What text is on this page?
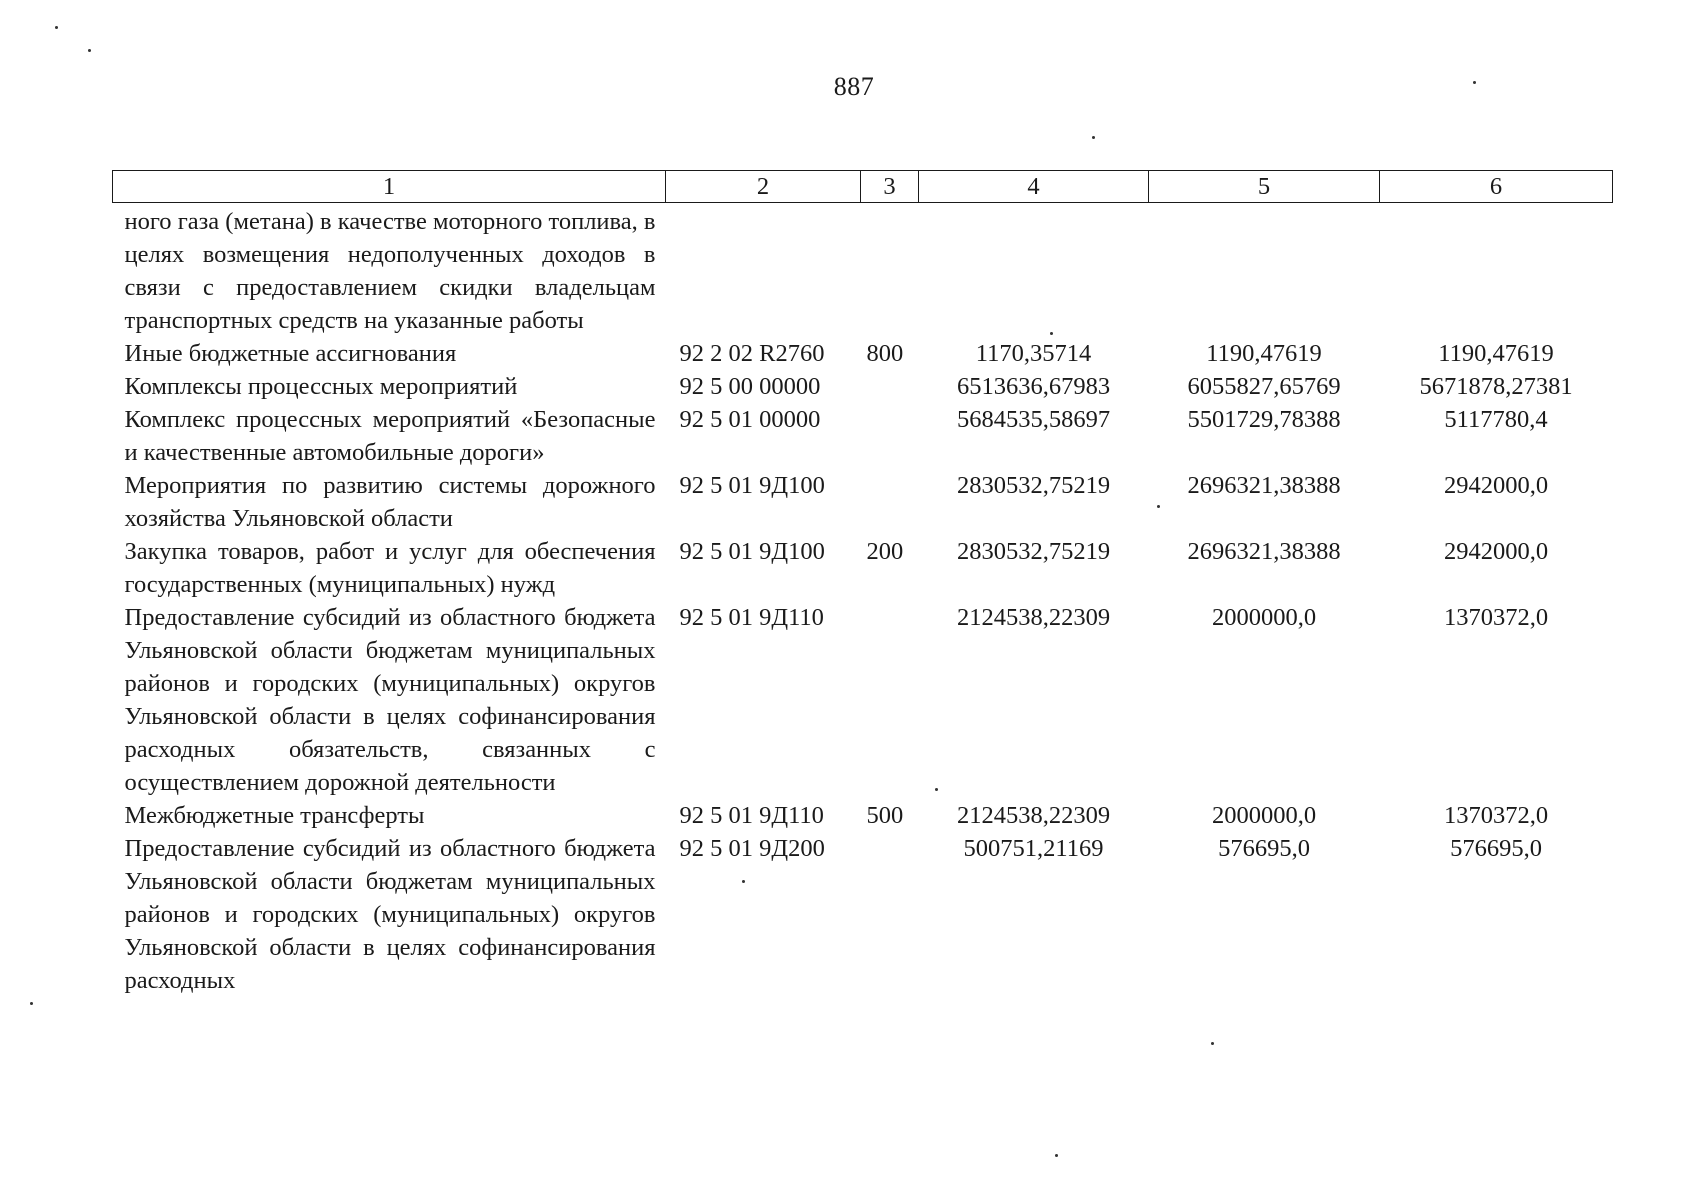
887
1	2	3	4	5	6
ного газа (метана) в качестве моторного топлива, в целях возмещения недополученных доходов в связи с предоставлением скидки владельцам транспортных средств на указанные работы					
Иные бюджетные ассигнования	92 2 02 R2760	800	1170,35714	1190,47619	1190,47619
Комплексы процессных мероприятий	92 5 00 00000		6513636,67983	6055827,65769	5671878,27381
Комплекс процессных мероприятий «Безопасные и качественные автомобильные дороги»	92 5 01 00000		5684535,58697	5501729,78388	5117780,4
Мероприятия по развитию системы дорожного хозяйства Ульяновской области	92 5 01 9Д100		2830532,75219	2696321,38388	2942000,0
Закупка товаров, работ и услуг для обеспечения государственных (муниципальных) нужд	92 5 01 9Д100	200	2830532,75219	2696321,38388	2942000,0
Предоставление субсидий из областного бюджета Ульяновской области бюджетам муниципальных районов и городских (муниципальных) округов Ульяновской области в целях софинансирования расходных обязательств, связанных с осуществлением дорожной деятельности	92 5 01 9Д110		2124538,22309	2000000,0	1370372,0
Межбюджетные трансферты	92 5 01 9Д110	500	2124538,22309	2000000,0	1370372,0
Предоставление субсидий из областного бюджета Ульяновской области бюджетам муниципальных районов и городских (муниципальных) округов Ульяновской области в целях софинансирования расходных	92 5 01 9Д200		500751,21169	576695,0	576695,0
